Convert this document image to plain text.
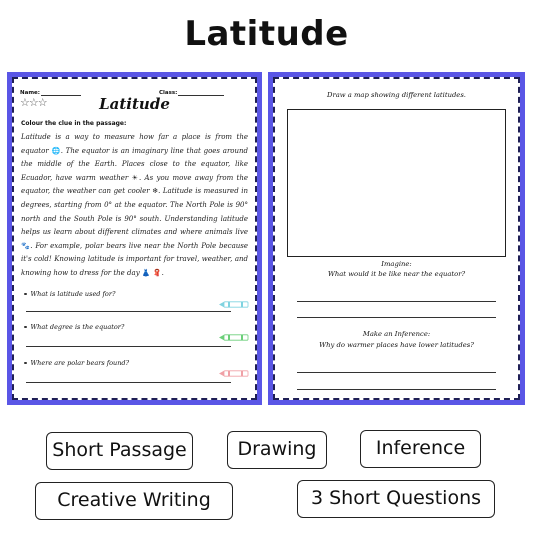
Latitude
Name:	Class:
☆☆☆	Latitude
Colour the clue in the passage:
Latitude is a way to measure how far a place is from the equator 🌐. The equator is an imaginary line that goes around the middle of the Earth. Places close to the equator, like Ecuador, have warm weather ☀. As you move away from the equator, the weather can get cooler ❄. Latitude is measured in degrees, starting from 0° at the equator. The North Pole is 90° north and the South Pole is 90° south. Understanding latitude helps us learn about different climates and where animals live 🐾. For example, polar bears live near the North Pole because it's cold! Knowing latitude is important for travel, weather, and knowing how to dress for the day 👗 🧣.
What is latitude used for?
What degree is the equator?
Where are polar bears found?
Draw a map showing different latitudes.
Imagine:
What would it be like near the equator?
Make an Inference:
Why do warmer places have lower latitudes?
Short Passage	Drawing	Inference
Creative Writing	3 Short Questions
